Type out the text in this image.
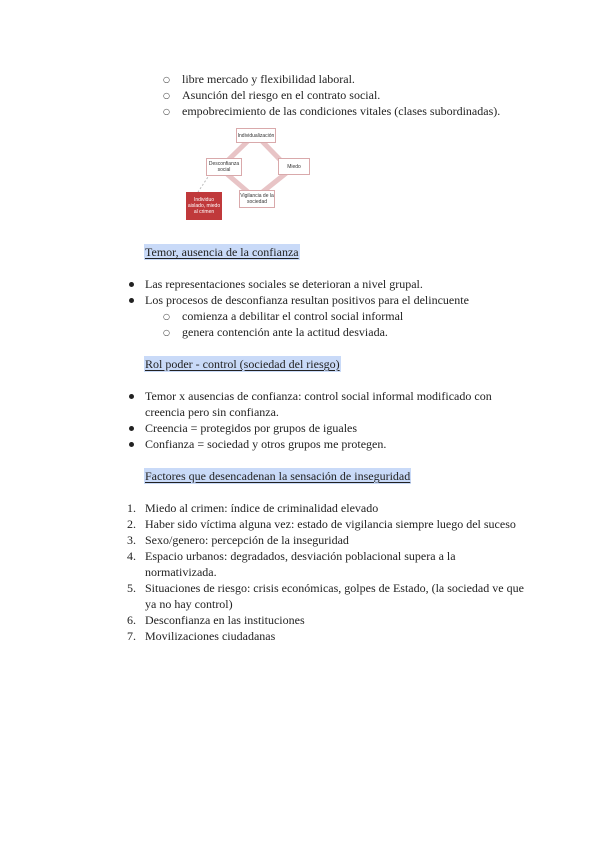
○ libre mercado y flexibilidad laboral.
○ Asunción del riesgo en el contrato social.
○ empobrecimiento de las condiciones vitales (clases subordinadas).
Individualización
Miedo
Vigilancia de la sociedad
Desconfianza social
Individuo aislado, miedo al crimen
Temor, ausencia de la confianza
Las representaciones sociales se deterioran a nivel grupal.
Los procesos de desconfianza resultan positivos para el delincuente
○ comienza a debilitar el control social informal
○ genera contención ante la actitud desviada.
Rol poder - control (sociedad del riesgo)
Temor x ausencias de confianza: control social informal modificado con
creencia pero sin confianza.
Creencia = protegidos por grupos de iguales
Confianza = sociedad y otros grupos me protegen.
Factores que desencadenan la sensación de inseguridad
1. Miedo al crimen: índice de criminalidad elevado
2. Haber sido víctima alguna vez: estado de vigilancia siempre luego del suceso
3. Sexo/genero: percepción de la inseguridad
4. Espacio urbanos: degradados, desviación poblacional supera a la
normativizada.
5. Situaciones de riesgo: crisis económicas, golpes de Estado, (la sociedad ve que
ya no hay control)
6. Desconfianza en las instituciones
7. Movilizaciones ciudadanas
